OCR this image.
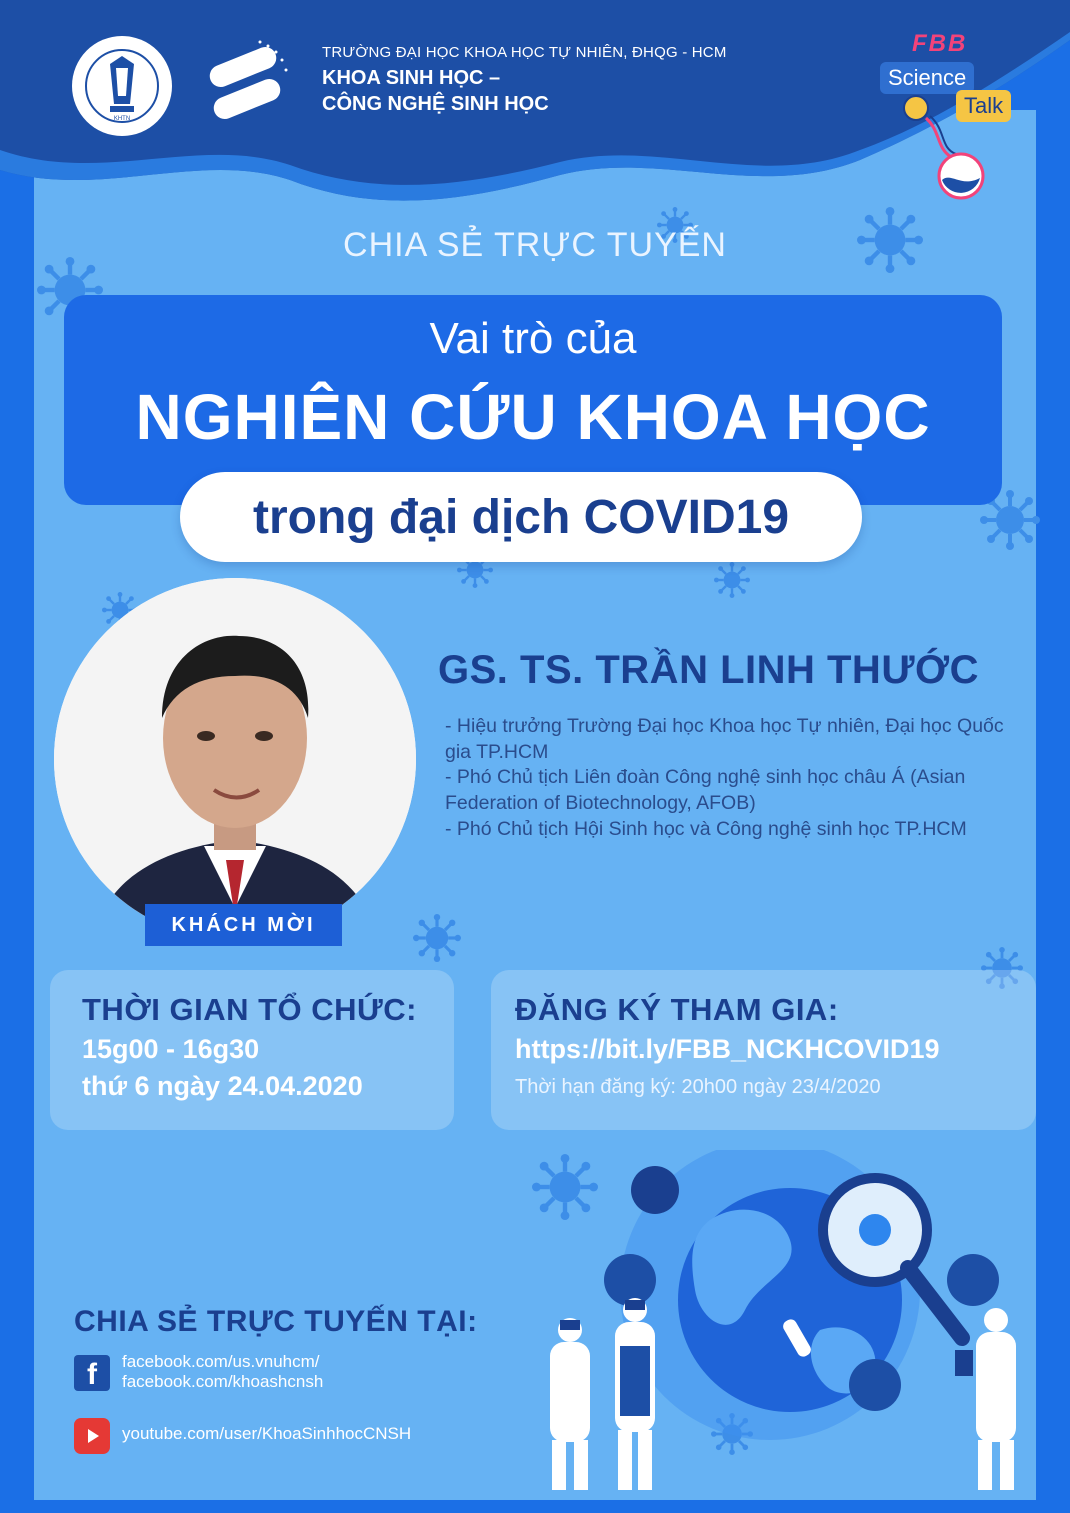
KHTN
TRƯỜNG ĐẠI HỌC KHOA HỌC TỰ NHIÊN, ĐHQG - HCM
KHOA SINH HỌC –
CÔNG NGHỆ SINH HỌC
FBB
Science
Talk
CHIA SẺ TRỰC TUYẾN
Vai trò của
NGHIÊN CỨU KHOA HỌC
trong đại dịch COVID19
KHÁCH MỜI
GS. TS. TRẦN LINH THƯỚC
- Hiệu trưởng Trường Đại học Khoa học Tự nhiên, Đại học Quốc gia TP.HCM
- Phó Chủ tịch Liên đoàn Công nghệ sinh học châu Á (Asian Federation of Biotechnology, AFOB)
- Phó Chủ tịch Hội Sinh học và Công nghệ sinh học TP.HCM
THỜI GIAN TỔ CHỨC:
15g00 - 16g30
thứ 6 ngày 24.04.2020
ĐĂNG KÝ THAM GIA:
https://bit.ly/FBB_NCKHCOVID19
Thời hạn đăng ký: 20h00 ngày 23/4/2020
CHIA SẺ TRỰC TUYẾN TẠI:
f	facebook.com/us.vnuhcm/
facebook.com/khoashcnsh
youtube.com/user/KhoaSinhhocCNSH
